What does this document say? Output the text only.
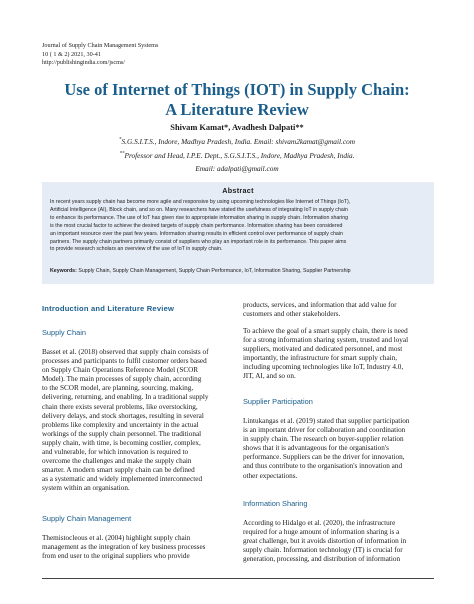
Journal of Supply Chain Management Systems
10 ( 1 & 2) 2021, 30-41
http://publishingindia.com/jscms/
Use of Internet of Things (IOT) in Supply Chain:
A Literature Review
Shivam Kamat*, Avadhesh Dalpati**
*S.G.S.I.T.S., Indore, Madhya Pradesh, India. Email: shivam2kamat@gmail.com
**Professor and Head, I.P.E. Dept., S.G.S.I.T.S., Indore, Madhya Pradesh, India.
Email: adalpati@gmail.com
Abstract
In recent years supply chain has become more agile and responsive by using upcoming technologies like Internet of Things (IoT),
Artificial Intelligence (AI), Block chain, and so on. Many researchers have stated the usefulness of integrating IoT in supply chain
to enhance its performance. The use of IoT has given rise to appropriate information sharing in supply chain. Information sharing
is the most crucial factor to achieve the desired targets of supply chain performance. Information sharing has been considered
an important resource over the past few years. Information sharing results in efficient control over performance of supply chain
partners. The supply chain partners primarily consist of suppliers who play an important role in its performance. This paper aims
to provide research scholars an overview of the use of IoT in supply chain.
Keywords: Supply Chain, Supply Chain Management, Supply Chain Performance, IoT, Information Sharing, Supplier Partnership
Introduction and Literature Review
Supply Chain
Basset et al. (2018) observed that supply chain consists of
processes and participants to fulfil customer orders based
on Supply Chain Operations Reference Model (SCOR
Model). The main processes of supply chain, according
to the SCOR model, are planning, sourcing, making,
delivering, returning, and enabling. In a traditional supply
chain there exists several problems, like overstocking,
delivery delays, and stock shortages, resulting in several
problems like complexity and uncertainty in the actual
workings of the supply chain personnel. The traditional
supply chain, with time, is becoming costlier, complex,
and vulnerable, for which innovation is required to
overcome the challenges and make the supply chain
smarter. A modern smart supply chain can be defined
as a systematic and widely implemented interconnected
system within an organisation.
Supply Chain Management
Themistocleous et al. (2004) highlight supply chain
management as the integration of key business processes
from end user to the original suppliers who provide
products, services, and information that add value for
customers and other stakeholders.
To achieve the goal of a smart supply chain, there is need
for a strong information sharing system, trusted and loyal
suppliers, motivated and dedicated personnel, and most
importantly, the infrastructure for smart supply chain,
including upcoming technologies like IoT, Industry 4.0,
JIT, AI, and so on.
Supplier Participation
Lintukangas et al. (2019) stated that supplier participation
is an important driver for collaboration and coordination
in supply chain. The research on buyer-supplier relation
shows that it is advantageous for the organisation's
performance. Suppliers can be the driver for innovation,
and thus contribute to the organisation's innovation and
other expectations.
Information Sharing
According to Hidalgo et al. (2020), the infrastructure
required for a huge amount of information sharing is a
great challenge, but it avoids distortion of information in
supply chain. Information technology (IT) is crucial for
generation, processing, and distribution of information
